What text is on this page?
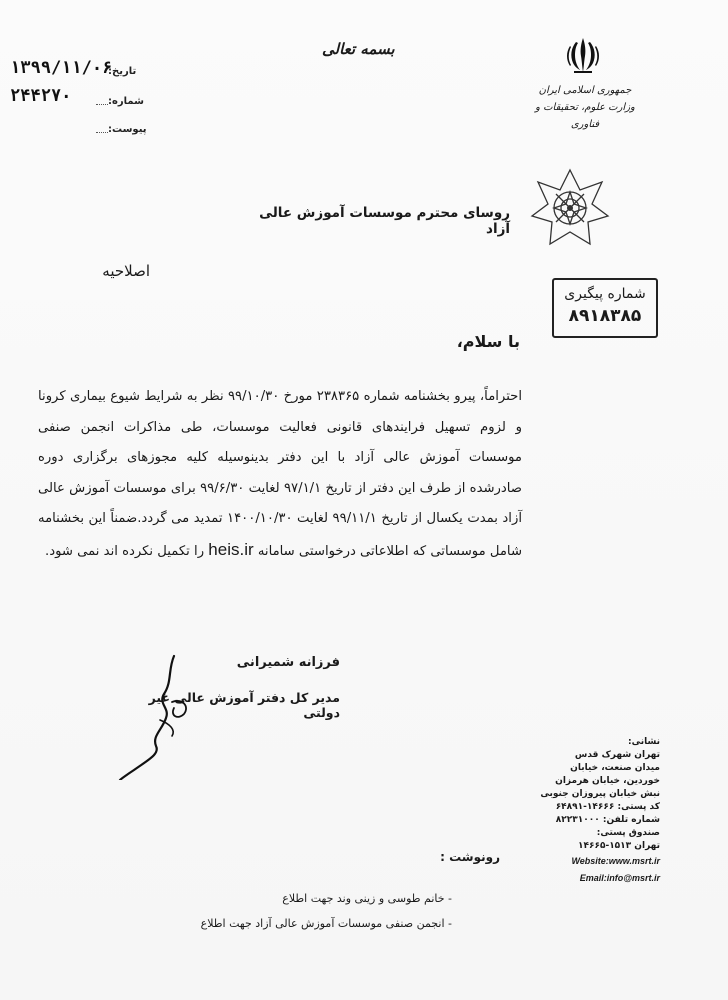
۱۳۹۹/۱۱/۰۶
تاریخ:
۲۴۴۲۷۰	شماره:
پیوست:
بسمه تعالی
جمهوری اسلامی ایران
وزارت علوم، تحقیقات و فناوری
شماره پیگیری
۸۹۱۸۳۸۵
روسای محترم موسسات آموزش عالی آزاد
اصلاحیه
با سلام،
احتراماً، پیرو بخشنامه شماره ۲۳۸۳۶۵ مورخ ۹۹/۱۰/۳۰ نظر به شرایط شیوع بیماری کرونا و لزوم تسهیل فرایندهای قانونی فعالیت موسسات، طی مذاکرات انجمن صنفی موسسات آموزش عالی آزاد با این دفتر بدینوسیله کلیه مجوزهای برگزاری دوره صادرشده از طرف این دفتر از تاریخ ۹۷/۱/۱ لغایت ۹۹/۶/۳۰ برای موسسات آموزش عالی آزاد بمدت یکسال از تاریخ ۹۹/۱۱/۱ لغایت ۱۴۰۰/۱۰/۳۰ تمدید می گردد.ضمناً این بخشنامه شامل موسساتی که اطلاعاتی درخواستی سامانه heis.ir را تکمیل نکرده اند نمی شود.
فرزانه شمیرانی
مدیر کل دفتر آموزش عالی غیر دولتی
رونوشت :
- خانم طوسی و زینی وند جهت اطلاع
- انجمن صنفی موسسات آموزش عالی آزاد جهت اطلاع
نشانی:
تهران شهرک قدس
میدان صنعت، خیابان
خوردین، خیابان هرمزان
نبش خیابان پیروزان جنوبی
کد پستی: ۱۴۶۶۶-۶۴۸۹۱
شماره تلفن: ۸۲۲۳۱۰۰۰
صندوق پستی:
تهران ۱۵۱۳-۱۴۶۶۵
Website:www.msrt.ir
Email:info@msrt.ir
